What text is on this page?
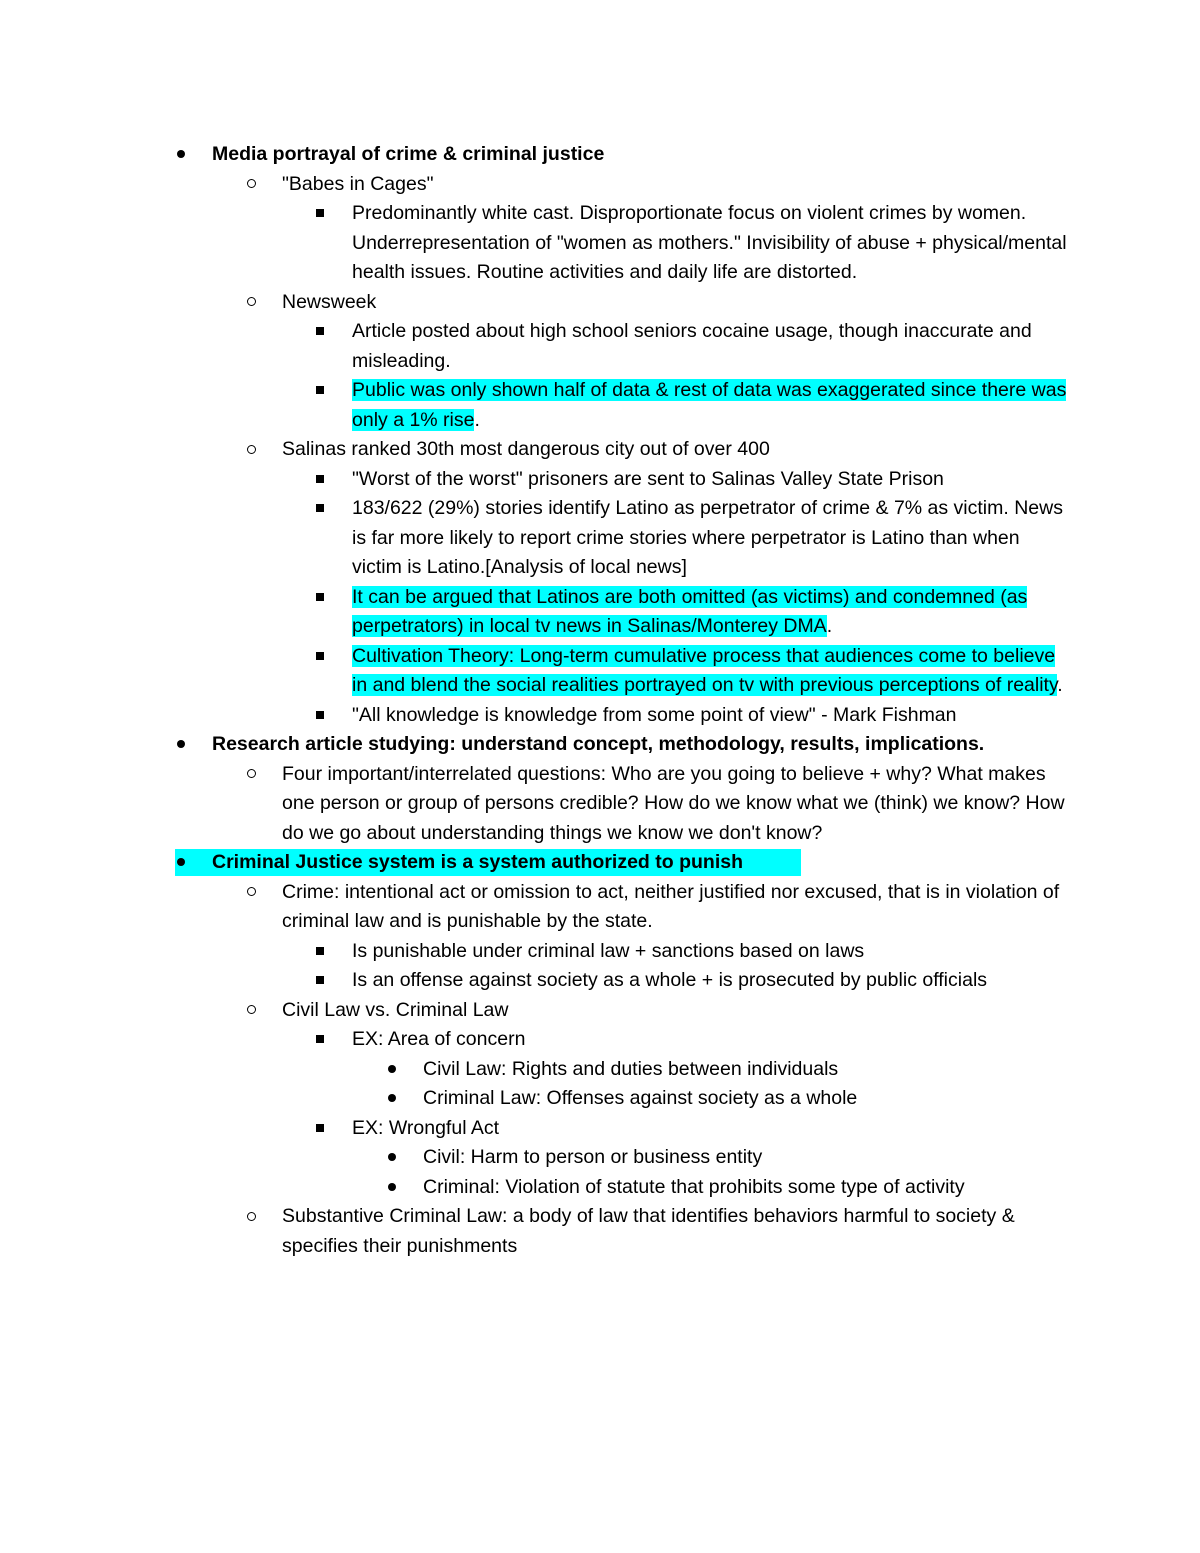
Media portrayal of crime & criminal justice
"Babes in Cages"
Predominantly white cast. Disproportionate focus on violent crimes by women. Underrepresentation of "women as mothers." Invisibility of abuse + physical/mental health issues. Routine activities and daily life are distorted.
Newsweek
Article posted about high school seniors cocaine usage, though inaccurate and misleading.
Public was only shown half of data & rest of data was exaggerated since there was only a 1% rise.
Salinas ranked 30th most dangerous city out of over 400
"Worst of the worst" prisoners are sent to Salinas Valley State Prison
183/622 (29%) stories identify Latino as perpetrator of crime & 7% as victim. News is far more likely to report crime stories where perpetrator is Latino than when victim is Latino.[Analysis of local news]
It can be argued that Latinos are both omitted (as victims) and condemned (as perpetrators) in local tv news in Salinas/Monterey DMA.
Cultivation Theory: Long-term cumulative process that audiences come to believe in and blend the social realities portrayed on tv with previous perceptions of reality.
"All knowledge is knowledge from some point of view" - Mark Fishman
Research article studying: understand concept, methodology, results, implications.
Four important/interrelated questions: Who are you going to believe + why? What makes one person or group of persons credible? How do we know what we (think) we know? How do we go about understanding things we know we don't know?
Criminal Justice system is a system authorized to punish
Crime: intentional act or omission to act, neither justified nor excused, that is in violation of criminal law and is punishable by the state.
Is punishable under criminal law + sanctions based on laws
Is an offense against society as a whole + is prosecuted by public officials
Civil Law vs. Criminal Law
EX: Area of concern
Civil Law: Rights and duties between individuals
Criminal Law: Offenses against society as a whole
EX: Wrongful Act
Civil: Harm to person or business entity
Criminal: Violation of statute that prohibits some type of activity
Substantive Criminal Law: a body of law that identifies behaviors harmful to society & specifies their punishments
